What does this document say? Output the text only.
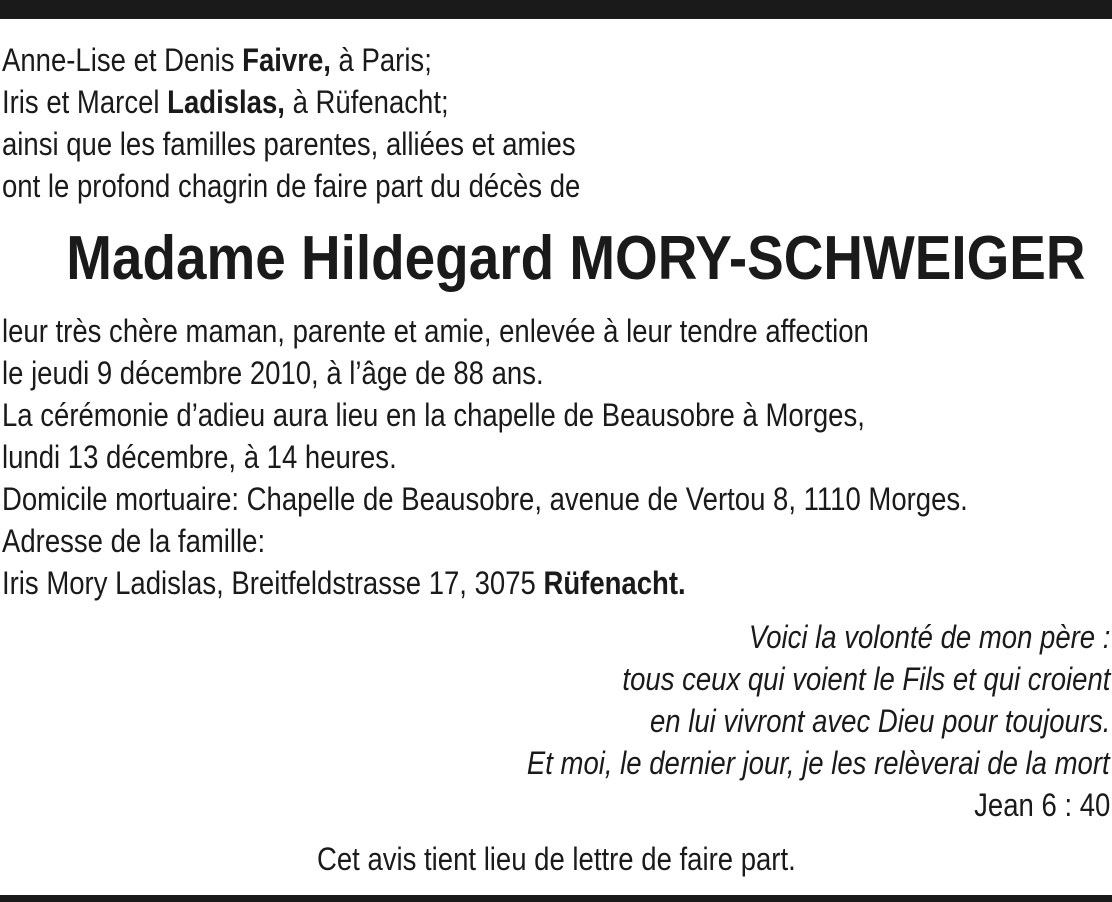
Anne-Lise et Denis Faivre, à Paris;
Iris et Marcel Ladislas, à Rüfenacht;
ainsi que les familles parentes, alliées et amies
ont le profond chagrin de faire part du décès de
Madame Hildegard MORY-SCHWEIGER
leur très chère maman, parente et amie, enlevée à leur tendre affection
le jeudi 9 décembre 2010, à l’âge de 88 ans.
La cérémonie d’adieu aura lieu en la chapelle de Beausobre à Morges,
lundi 13 décembre, à 14 heures.
Domicile mortuaire: Chapelle de Beausobre, avenue de Vertou 8, 1110 Morges.
Adresse de la famille:
Iris Mory Ladislas, Breitfeldstrasse 17, 3075 Rüfenacht.
Voici la volonté de mon père :
tous ceux qui voient le Fils et qui croient
en lui vivront avec Dieu pour toujours.
Et moi, le dernier jour, je les relèverai de la mort
Jean 6 : 40
Cet avis tient lieu de lettre de faire part.
